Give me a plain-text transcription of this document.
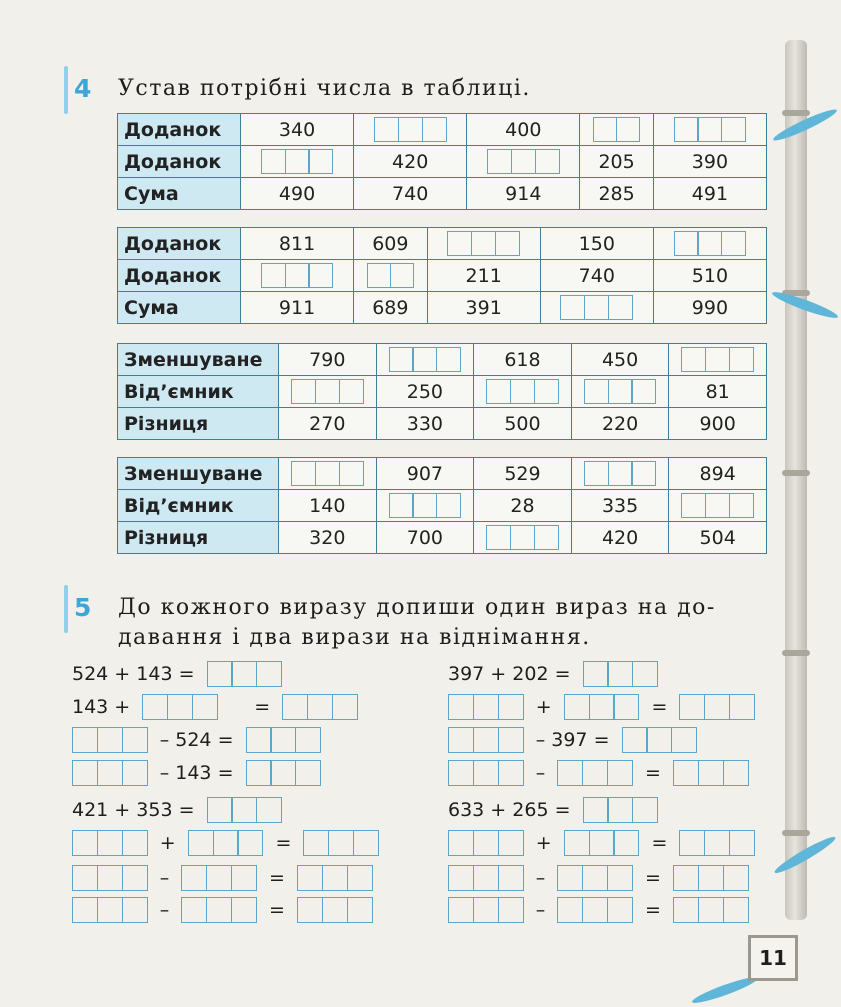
4 Устав потрібні числа в таблиці.
Доданок	340		400	

Доданок		420		205	390
Сума	490	740	914	285	491
Доданок	811	609		150	

Доданок			211	740	510
Сума	911	689	391		990
Зменшуване	790		618	450	

Від’ємник		250			81
Різниця	270	330	500	220	900
Зменшуване		907	529		894
Від’ємник	140		28	335	

Різниця	320	700		420	504
5 До кожного виразу допиши один вираз на до-
давання і два вирази на віднімання.
524 + 143 =

143 +

	=

– 524 =

– 143 =

397 + 202 =

+

	=

– 397 =

–

	=

421 + 353 =

+

	=

–

	=

–

	=

633 + 265 =

+

	=

–

	=

–

	=

11
